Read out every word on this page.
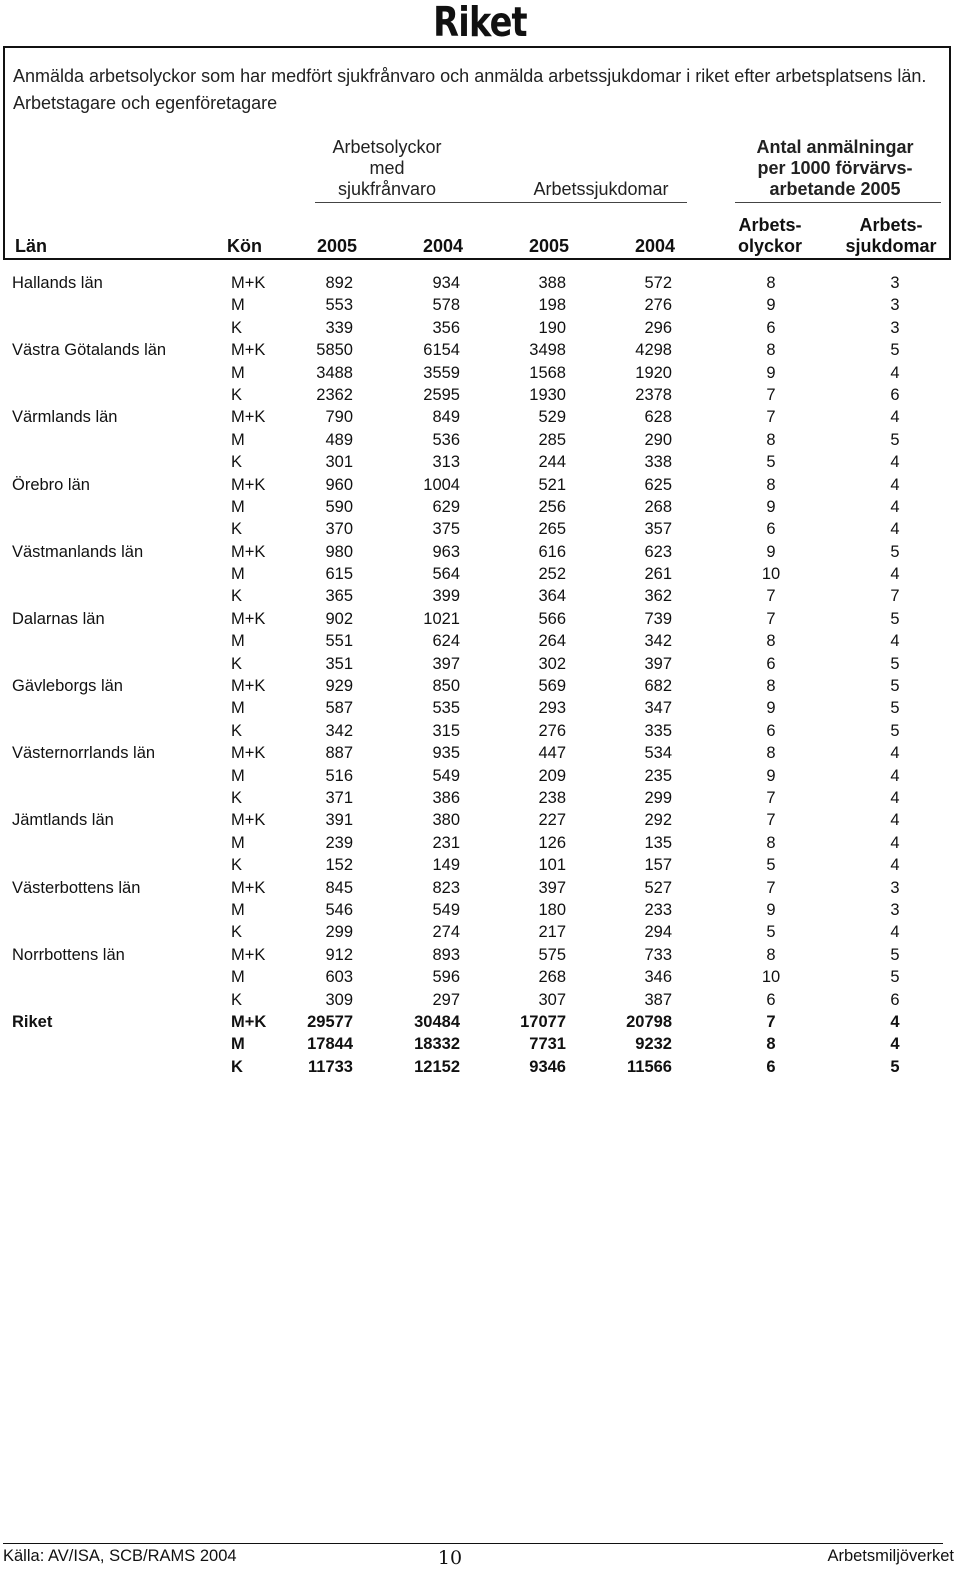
Riket
Anmälda arbetsolyckor som har medfört sjukfrånvaro och anmälda arbetssjukdomar i riket efter arbetsplatsens län. Arbetstagare och egenföretagare
Arbetsolyckor
med
sjukfrånvaro	Arbetssjukdomar
Antal anmälningar
per 1000 förvärvs-
arbetande 2005
Län	Kön	2005	2004	2005	2004
Arbets-
olyckor
Arbets-
sjukdomar
Hallands län	M+K	892	934	388	572	8	3
M	553	578	198	276	9	3
K	339	356	190	296	6	3
Västra Götalands län	M+K	5850	6154	3498	4298	8	5
M	3488	3559	1568	1920	9	4
K	2362	2595	1930	2378	7	6
Värmlands län	M+K	790	849	529	628	7	4
M	489	536	285	290	8	5
K	301	313	244	338	5	4
Örebro län	M+K	960	1004	521	625	8	4
M	590	629	256	268	9	4
K	370	375	265	357	6	4
Västmanlands län	M+K	980	963	616	623	9	5
M	615	564	252	261	10	4
K	365	399	364	362	7	7
Dalarnas län	M+K	902	1021	566	739	7	5
M	551	624	264	342	8	4
K	351	397	302	397	6	5
Gävleborgs län	M+K	929	850	569	682	8	5
M	587	535	293	347	9	5
K	342	315	276	335	6	5
Västernorrlands län	M+K	887	935	447	534	8	4
M	516	549	209	235	9	4
K	371	386	238	299	7	4
Jämtlands län	M+K	391	380	227	292	7	4
M	239	231	126	135	8	4
K	152	149	101	157	5	4
Västerbottens län	M+K	845	823	397	527	7	3
M	546	549	180	233	9	3
K	299	274	217	294	5	4
Norrbottens län	M+K	912	893	575	733	8	5
M	603	596	268	346	10	5
K	309	297	307	387	6	6
Riket	M+K 29577	30484	17077	20798	7	4
M	17844	18332	7731	9232	8	4
K	11733	12152	9346	11566	6	5
Källa: AV/ISA, SCB/RAMS 2004	10	Arbetsmiljöverket
